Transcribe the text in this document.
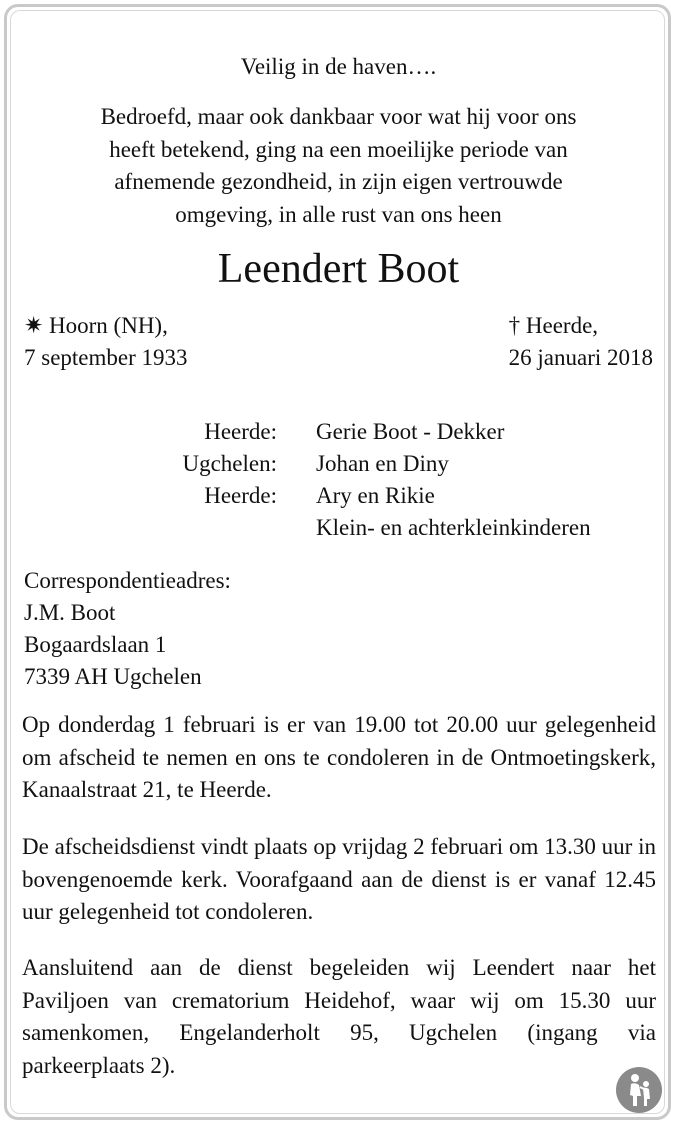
Veilig in de haven….
Bedroefd, maar ook dankbaar voor wat hij voor ons
heeft betekend, ging na een moeilijke periode van
afnemende gezondheid, in zijn eigen vertrouwde
omgeving, in alle rust van ons heen
Leendert Boot
✷ Hoorn (NH),
7 september 1933
† Heerde,
26 januari 2018
Heerde: Gerie Boot - Dekker
Ugchelen: Johan en Diny
Heerde: Ary en Rikie
Klein- en achterkleinkinderen
Correspondentieadres:
J.M. Boot
Bogaardslaan 1
7339 AH Ugchelen
Op donderdag 1 februari is er van 19.00 tot 20.00 uur gelegenheid om afscheid te nemen en ons te condoleren in de Ontmoetingskerk, Kanaalstraat 21, te Heerde.
De afscheidsdienst vindt plaats op vrijdag 2 februari om 13.30 uur in bovengenoemde kerk. Voorafgaand aan de dienst is er vanaf 12.45 uur gelegenheid tot condoleren.
Aansluitend aan de dienst begeleiden wij Leendert naar het Paviljoen van crematorium Heidehof, waar wij om 15.30 uur samenkomen, Engelanderholt 95, Ugchelen (ingang via parkeerplaats 2).
